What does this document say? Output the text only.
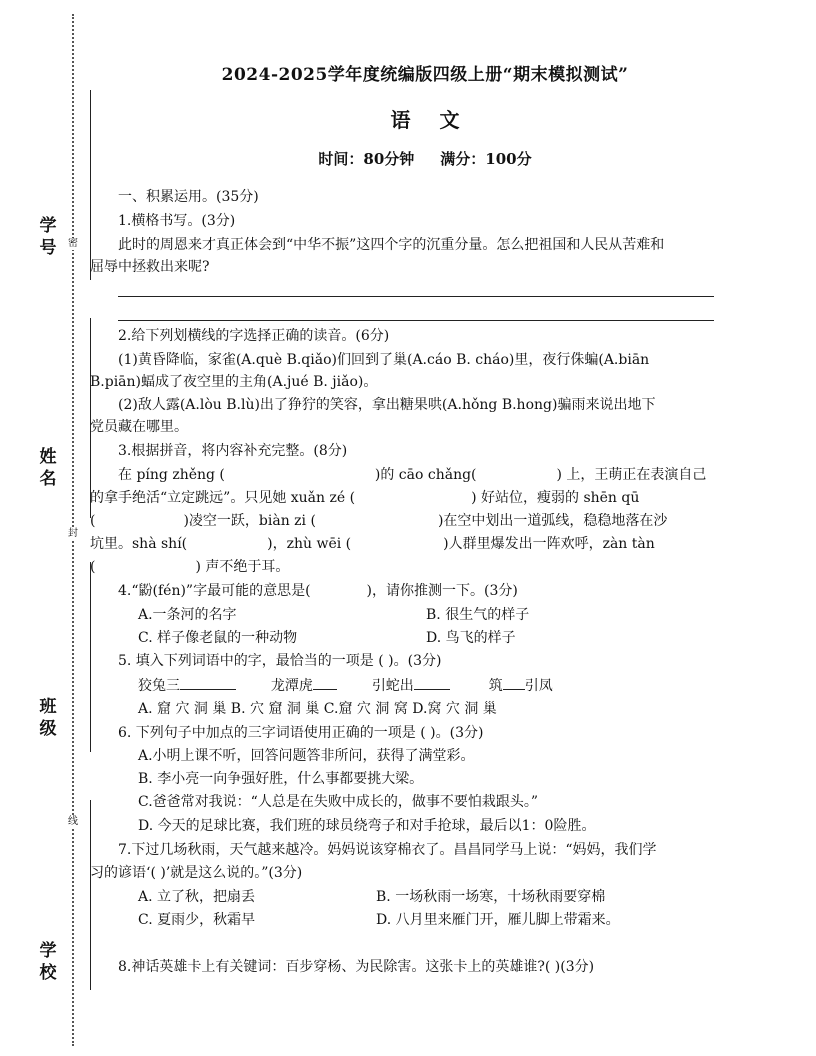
学号 密
姓名
封
班级
线
学校
2024-2025学年度统编版四级上册“期末模拟测试”
语 文
时间：80分钟 满分：100分
一、积累运用。(35分)
1.横格书写。(3分)
此时的周恩来才真正体会到“中华不振”这四个字的沉重分量。怎么把祖国和人民从苦难和
屈辱中拯救出来呢?
2.给下列划横线的字选择正确的读音。(6分)
(1)黄昏降临，家雀(A.què B.qiǎo)们回到了巢(A.cáo B. cháo)里，夜行侏蝙(A.biān
B.piān)蝠成了夜空里的主角(A.jué B. jiǎo)。
(2)敌人露(A.lòu B.lù)出了狰狞的笑容，拿出糖果哄(A.hǒng B.hong)骗雨来说出地下
党员藏在哪里。
3.根据拼音，将内容补充完整。(8分)
在 píng zhěng (	)的 cāo chǎng(	) 上，王萌正在表演自己
的拿手绝活“立定跳远”。只见她 xuǎn zé (	) 好站位，瘦弱的 shēn qū
(	)凌空一跃，biàn zi (	)在空中划出一道弧线，稳稳地落在沙
坑里。shà shí(	)，zhù wēi (	)人群里爆发出一阵欢呼，zàn tàn
(	) 声不绝于耳。
4.“鼢(fén)”字最可能的意思是(	)，请你推测一下。(3分)
A.一条河的名字	B. 很生气的样子
C. 样子像老鼠的一种动物	D. 鸟飞的样子
5. 填入下列词语中的字，最恰当的一项是 ( )。(3分)
狡兔三	龙潭虎	引蛇出	筑 引凤
A. 窟 穴 洞 巢 B. 穴 窟 洞 巢 C.窟 穴 洞 窝 D.窝 穴 洞 巢
6. 下列句子中加点的三字词语使用正确的一项是 ( )。(3分)
A.小明上课不听，回答问题答非所问，获得了满堂彩。
B. 李小亮一向争强好胜，什么事都要挑大梁。
C.爸爸常对我说：“人总是在失败中成长的，做事不要怕栽跟头。”
D. 今天的足球比赛，我们班的球员绕弯子和对手抢球，最后以1：0险胜。
7.下过几场秋雨，天气越来越冷。妈妈说该穿棉衣了。昌昌同学马上说：“妈妈，我们学
习的谚语‘( )’就是这么说的。”(3分)
A. 立了秋，把扇丢	B. 一场秋雨一场寒，十场秋雨要穿棉
C. 夏雨少，秋霜早	D. 八月里来雁门开，雁儿脚上带霜来。
8.神话英雄卡上有关键词：百步穿杨、为民除害。这张卡上的英雄谁?( )(3分)
